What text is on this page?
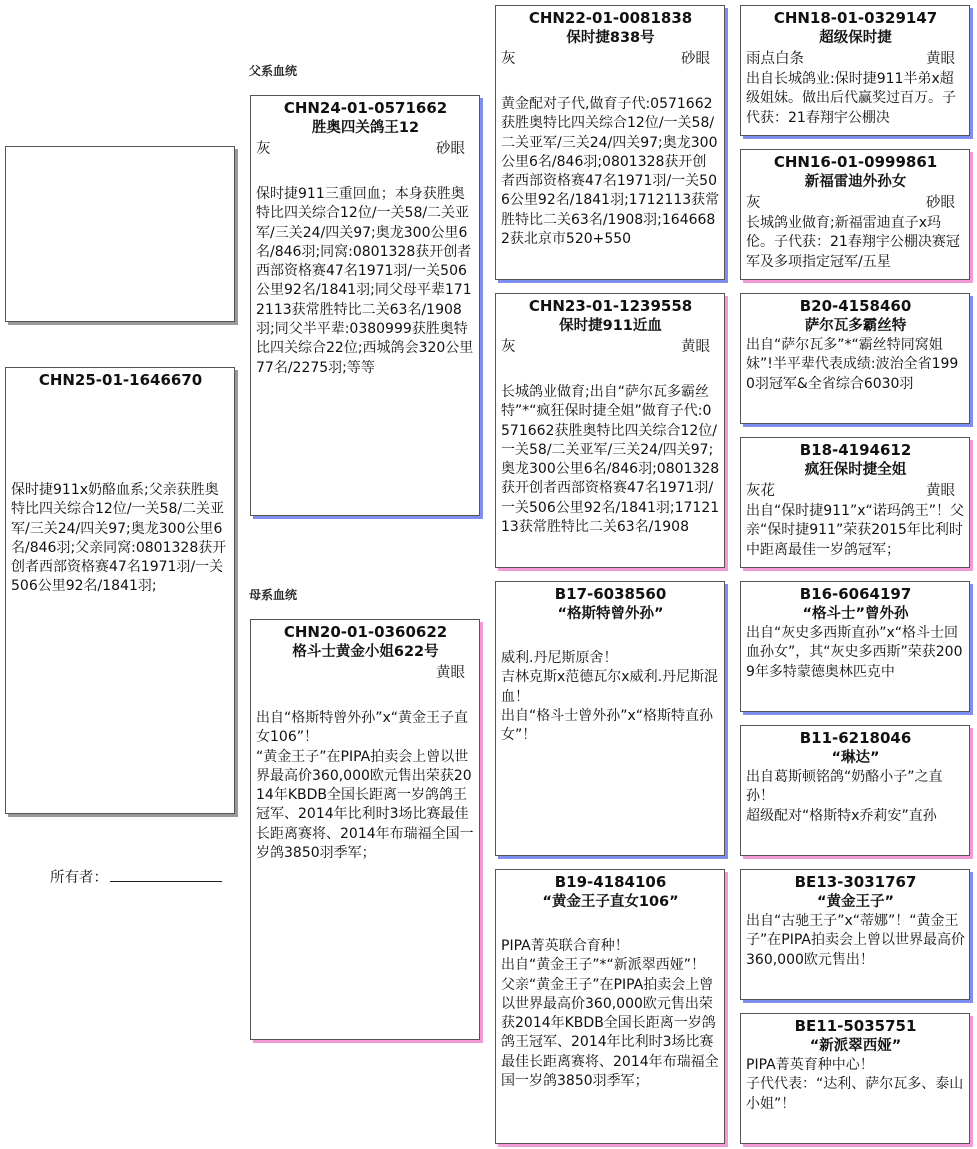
父系血统
母系血统
CHN25-01-1646670
保时捷911x奶酪血系;父亲获胜奥特比四关综合12位/一关58/二关亚军/三关24/四关97;奥龙300公里6名/846羽;父亲同窝:0801328获开创者西部资格赛47名1971羽/一关506公里92名/1841羽;
所有者：
CHN24-01-0571662
胜奥四关鸽王12
灰	砂眼
保时捷911三重回血；本身获胜奥特比四关综合12位/一关58/二关亚军/三关24/四关97;奥龙300公里6名/846羽;同窝:0801328获开创者西部资格赛47名1971羽/一关506公里92名/1841羽;同父母平辈1712113获常胜特比二关63名/1908羽;同父半平辈:0380999获胜奥特比四关综合22位;西城鸽会320公里77名/2275羽;等等
CHN20-01-0360622
格斗士黄金小姐622号
黄眼
出自“格斯特曾外孙”x“黄金王子直女106”！
“黄金王子”在PIPA拍卖会上曾以世界最高价360,000欧元售出荣获2014年KBDB全国长距离一岁鸽鸽王冠军、2014年比利时3场比赛最佳长距离赛将、2014年布瑞福全国一岁鸽3850羽季军；
CHN22-01-0081838
保时捷838号
灰	砂眼
黄金配对子代,做育子代:0571662获胜奥特比四关综合12位/一关58/二关亚军/三关24/四关97;奥龙300公里6名/846羽;0801328获开创者西部资格赛47名1971羽/一关506公里92名/1841羽;1712113获常胜特比二关63名/1908羽;1646682获北京市520+550
CHN23-01-1239558
保时捷911近血
灰	黄眼
长城鸽业做育;出自“萨尔瓦多霸丝特”*“疯狂保时捷全姐”做育子代:0571662获胜奥特比四关综合12位/一关58/二关亚军/三关24/四关97;奥龙300公里6名/846羽;0801328获开创者西部资格赛47名1971羽/一关506公里92名/1841羽;1712113获常胜特比二关63名/1908
B17-6038560
“格斯特曾外孙”
威利.丹尼斯原舍！
吉林克斯x范德瓦尔x威利.丹尼斯混血！
出自“格斗士曾外孙”x“格斯特直孙女”！
B19-4184106
“黄金王子直女106”
PIPA菁英联合育种！
出自“黄金王子”*“新派翠西娅”！
父亲“黄金王子”在PIPA拍卖会上曾以世界最高价360,000欧元售出荣获2014年KBDB全国长距离一岁鸽鸽王冠军、2014年比利时3场比赛最佳长距离赛将、2014年布瑞福全国一岁鸽3850羽季军；
CHN18-01-0329147
超级保时捷
雨点白条	黄眼
出自长城鸽业:保时捷911半弟x超级姐妹。做出后代赢奖过百万。子代获：21春翔宇公棚决
CHN16-01-0999861
新福雷迪外孙女
灰	砂眼
长城鸽业做育;新福雷迪直子x玛伦。子代获：21春翔宇公棚决赛冠军及多项指定冠军/五星
B20-4158460
萨尔瓦多霸丝特
出自“萨尔瓦多”*“霸丝特同窝姐妹”!半平辈代表成绩:波治全省1990羽冠军&全省综合6030羽
B18-4194612
疯狂保时捷全姐
灰花	黄眼
出自“保时捷911”x“诺玛鸽王”！父亲“保时捷911”荣获2015年比利时中距离最佳一岁鸽冠军；
B16-6064197
“格斗士”曾外孙
出自“灰史多西斯直孙”x“格斗士回血孙女”，其“灰史多西斯”荣获2009年多特蒙德奥林匹克中
B11-6218046
“琳达”
出自葛斯顿铭鸽“奶酪小子”之直孙！
超级配对“格斯特x乔莉安”直孙
BE13-3031767
“黄金王子”
出自“古驰王子”x“蒂娜”！“黄金王子”在PIPA拍卖会上曾以世界最高价360,000欧元售出！
BE11-5035751
“新派翠西娅”
PIPA菁英育种中心！
子代代表：“达利、萨尔瓦多、泰山小姐”！
